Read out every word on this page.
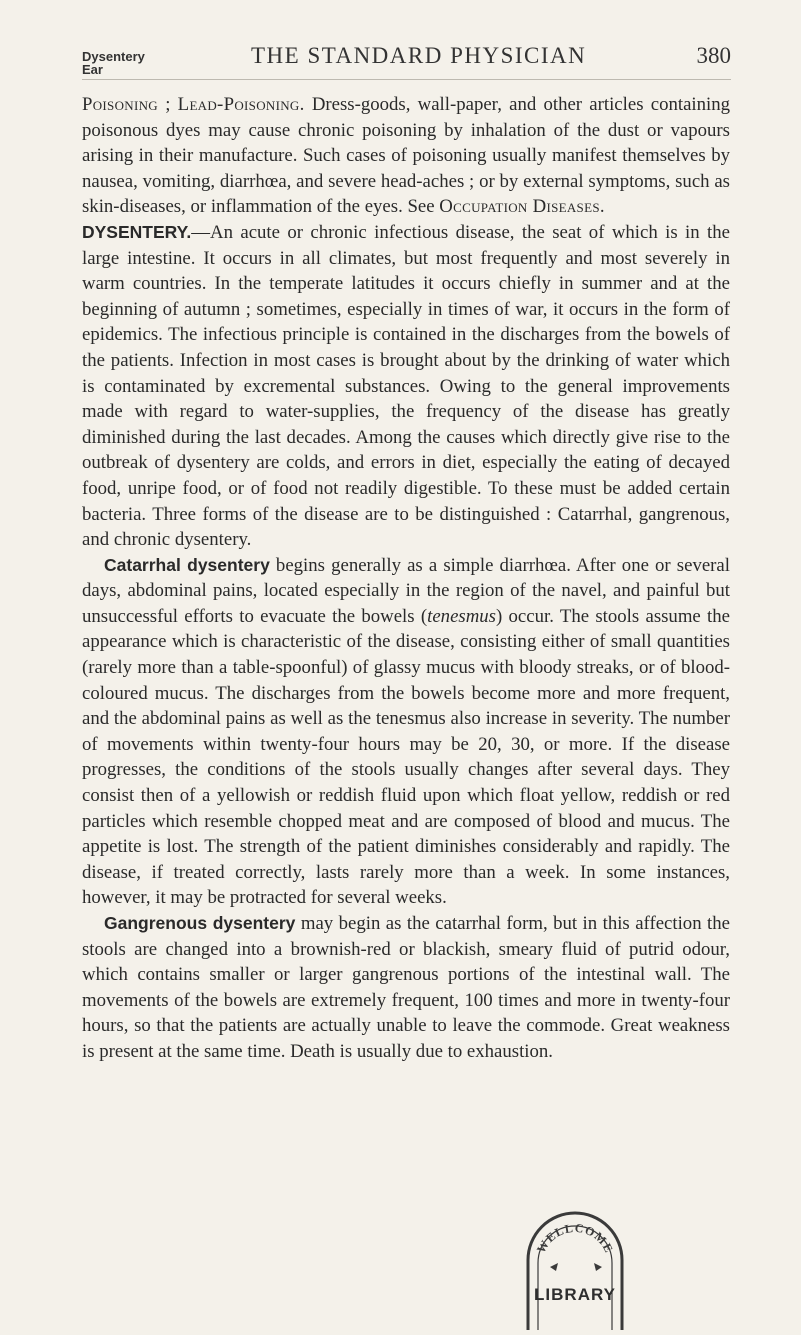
Dysentery
Ear
THE STANDARD PHYSICIAN	380

Poisoning ; Lead-Poisoning. Dress-goods, wall-paper, and other articles containing poisonous dyes may cause chronic poisoning by inhalation of the dust or vapours arising in their manufacture. Such cases of poisoning usually manifest themselves by nausea, vomiting, diarrhœa, and severe head-aches ; or by external symptoms, such as skin-diseases, or inflammation of the eyes. See Occupation Diseases.

DYSENTERY.—An acute or chronic infectious disease, the seat of which is in the large intestine. It occurs in all climates, but most frequently and most severely in warm countries. In the temperate latitudes it occurs chiefly in summer and at the beginning of autumn ; sometimes, especially in times of war, it occurs in the form of epidemics. The infectious principle is contained in the discharges from the bowels of the patients. Infection in most cases is brought about by the drinking of water which is contaminated by excremental substances. Owing to the general improvements made with regard to water-supplies, the frequency of the disease has greatly diminished during the last decades. Among the causes which directly give rise to the outbreak of dysentery are colds, and errors in diet, especially the eating of decayed food, unripe food, or of food not readily digestible. To these must be added certain bacteria. Three forms of the disease are to be distinguished : Catarrhal, gangrenous, and chronic dysentery.

Catarrhal dysentery begins generally as a simple diarrhœa. After one or several days, abdominal pains, located especially in the region of the navel, and painful but unsuccessful efforts to evacuate the bowels (tenesmus) occur. The stools assume the appearance which is characteristic of the disease, consisting either of small quantities (rarely more than a table-spoonful) of glassy mucus with bloody streaks, or of blood-coloured mucus. The discharges from the bowels become more and more frequent, and the abdominal pains as well as the tenesmus also increase in severity. The number of movements within twenty-four hours may be 20, 30, or more. If the disease progresses, the conditions of the stools usually changes after several days. They consist then of a yellowish or reddish fluid upon which float yellow, reddish or red particles which resemble chopped meat and are composed of blood and mucus. The appetite is lost. The strength of the patient diminishes considerably and rapidly. The disease, if treated correctly, lasts rarely more than a week. In some instances, however, it may be protracted for several weeks.

Gangrenous dysentery may begin as the catarrhal form, but in this affection the stools are changed into a brownish-red or blackish, smeary fluid of putrid odour, which contains smaller or larger gangrenous portions of the intestinal wall. The movements of the bowels are extremely frequent, 100 times and more in twenty-four hours, so that the patients are actually unable to leave the commode. Great weakness is present at the same time. Death is usually due to exhaustion.

WELLCOME
LIBRARY
